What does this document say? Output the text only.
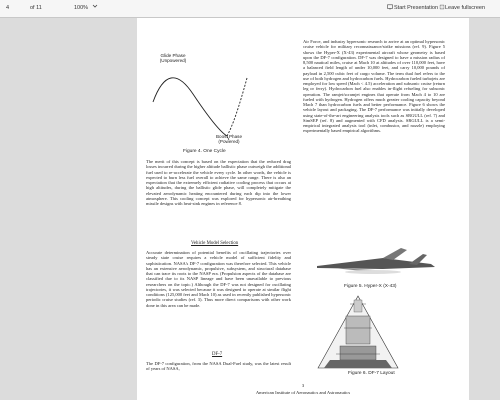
4	of 11	100%	Start Presentation Leave fullscreen
Glide Phase
(Unpowered)
Boost Phase
(Powered)
Figure 4. One Cycle

The merit of this concept is based on the expectation that the reduced drag losses incurred during the higher altitude ballistic phase outweigh the additional fuel used to re-accelerate the vehicle every cycle. In other words, the vehicle is expected to burn less fuel overall to achieve the same range. There is also an expectation that the extremely efficient radiative cooling process that occurs at high altitudes, during the ballistic glide phase, will completely mitigate the elevated aerodynamic heating encountered during each dip into the lower atmosphere. This cooling concept was explored for hypersonic air-breathing missile designs with heat-sink engines in reference 8.

Vehicle Model Selection

Accurate determination of potential benefits of oscillating trajectories over steady state cruise requires a vehicle model of sufficient fidelity and sophistication. NASA's DF-7 configuration was therefore selected. This vehicle has an extensive aerodynamic, propulsive, subsystem, and structural database that can trace its roots to the NASP era. (Propulsion aspects of the database are classified due to its NASP lineage and have been unavailable to previous researchers on the topic.) Although the DF-7 was not designed for oscillating trajectories, it was selected because it was designed to operate at similar flight conditions (125,000 feet and Mach 10) as used in recently published hypersonic periodic cruise studies (ref. 3). Thus more direct comparisons with other work done in this area can be made.

DF-7

The DF-7 configuration, from the NASA Dual-Fuel study, was the latest result of years of NASA,

Air Force, and industry hypersonic research to arrive at an optimal hypersonic cruise vehicle for military reconnaissance/strike missions (ref. 9). Figure 5 shows the Hyper-X (X-43) experimental aircraft whose geometry is based upon the DF-7 configuration. DF-7 was designed to have a mission radius of 8,500 nautical miles, cruise at Mach 10 at altitudes of over 110,000 feet, have a balanced field length of under 10,000 feet, and carry 10,000 pounds of payload in 2,500 cubic feet of cargo volume. The term dual fuel refers to the use of both hydrogen and hydrocarbon fuels. Hydrocarbon fueled turbojets are employed for low speed (Mach < 4.5) acceleration and subsonic cruise (return leg or ferry). Hydrocarbon fuel also enables in-flight refueling for subsonic operation. The ramjet/scramjet engines that operate from Mach 4 to 10 are fueled with hydrogen. Hydrogen offers much greater cooling capacity beyond Mach 7 than hydrocarbon fuels and better performance. Figure 6 shows the vehicle layout and packaging. The DF-7 performance was initially developed using state-of-the-art engineering analysis tools such as SRGULL (ref. 7) and SimSEP (ref. 8) and augmented with CFD analysis. SRGULL is a semi-empirical integrated analysis tool (inlet, combustor, and nozzle) employing experimentally based empirical algorithms.

Figure 5. Hyper-X (X-43)
Figure 6. DF-7 Layout
3
American Institute of Aeronautics and Astronautics
